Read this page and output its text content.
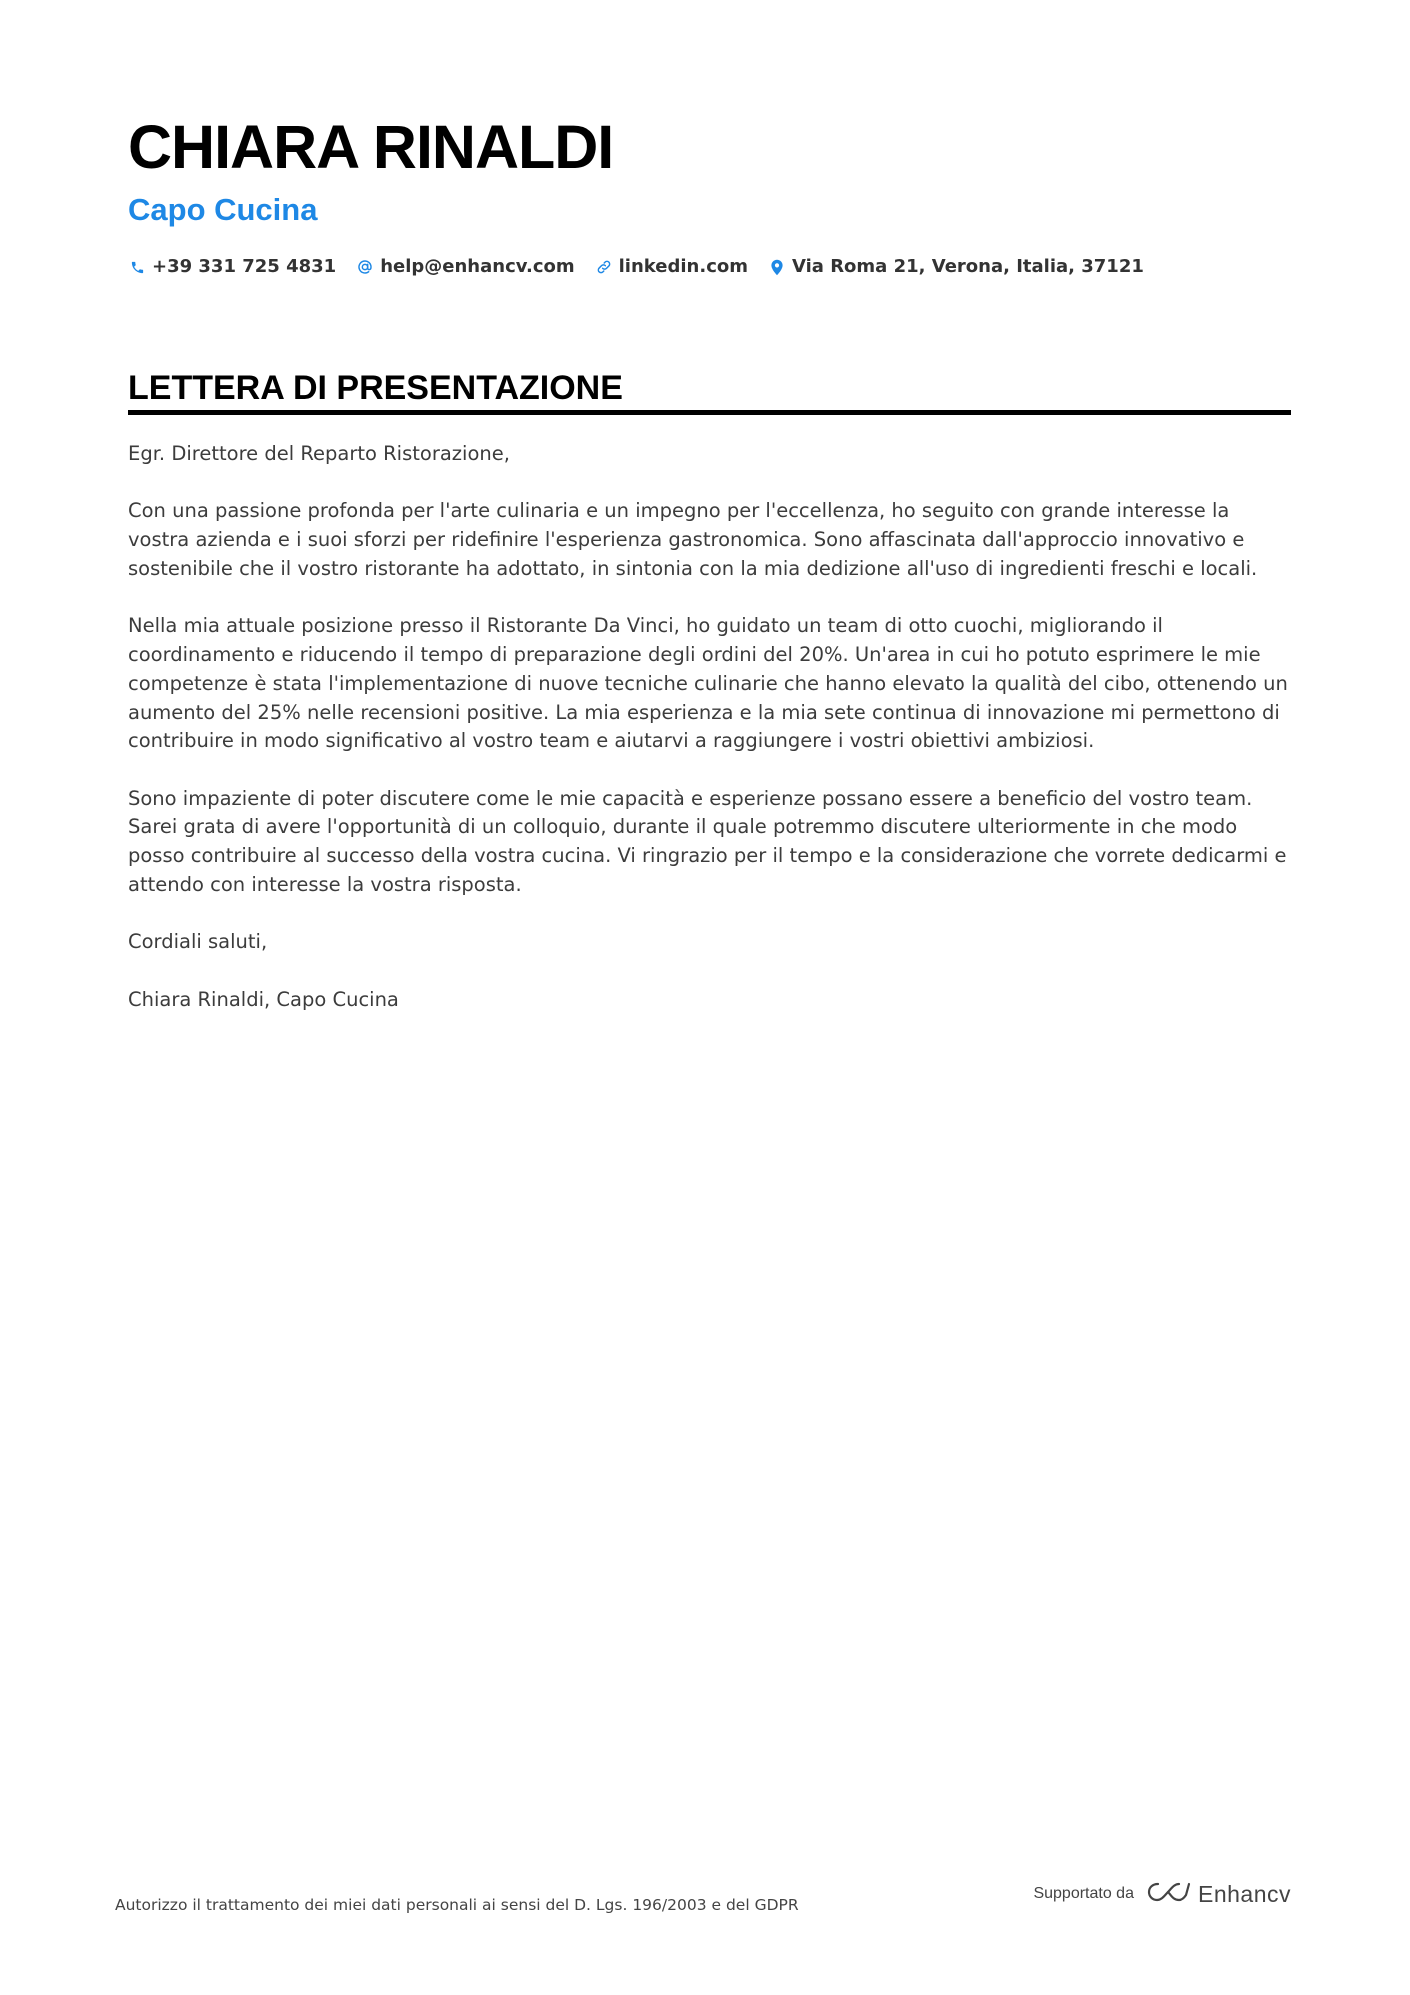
CHIARA RINALDI
Capo Cucina
+39 331 725 4831 help@enhancv.com linkedin.com Via Roma 21, Verona, Italia, 37121
LETTERA DI PRESENTAZIONE

Egr. Direttore del Reparto Ristorazione,

Con una passione profonda per l'arte culinaria e un impegno per l'eccellenza, ho seguito con grande interesse la vostra azienda e i suoi sforzi per ridefinire l'esperienza gastronomica. Sono affascinata dall'approccio innovativo e sostenibile che il vostro ristorante ha adottato, in sintonia con la mia dedizione all'uso di ingredienti freschi e locali.

Nella mia attuale posizione presso il Ristorante Da Vinci, ho guidato un team di otto cuochi, migliorando il coordinamento e riducendo il tempo di preparazione degli ordini del 20%. Un'area in cui ho potuto esprimere le mie competenze è stata l'implementazione di nuove tecniche culinarie che hanno elevato la qualità del cibo, ottenendo un aumento del 25% nelle recensioni positive. La mia esperienza e la mia sete continua di innovazione mi permettono di contribuire in modo significativo al vostro team e aiutarvi a raggiungere i vostri obiettivi ambiziosi.

Sono impaziente di poter discutere come le mie capacità e esperienze possano essere a beneficio del vostro team. Sarei grata di avere l'opportunità di un colloquio, durante il quale potremmo discutere ulteriormente in che modo posso contribuire al successo della vostra cucina. Vi ringrazio per il tempo e la considerazione che vorrete dedicarmi e attendo con interesse la vostra risposta.

Cordiali saluti,

Chiara Rinaldi, Capo Cucina

Autorizzo il trattamento dei miei dati personali ai sensi del D. Lgs. 196/2003 e del GDPR
Supportato da	Enhancv
